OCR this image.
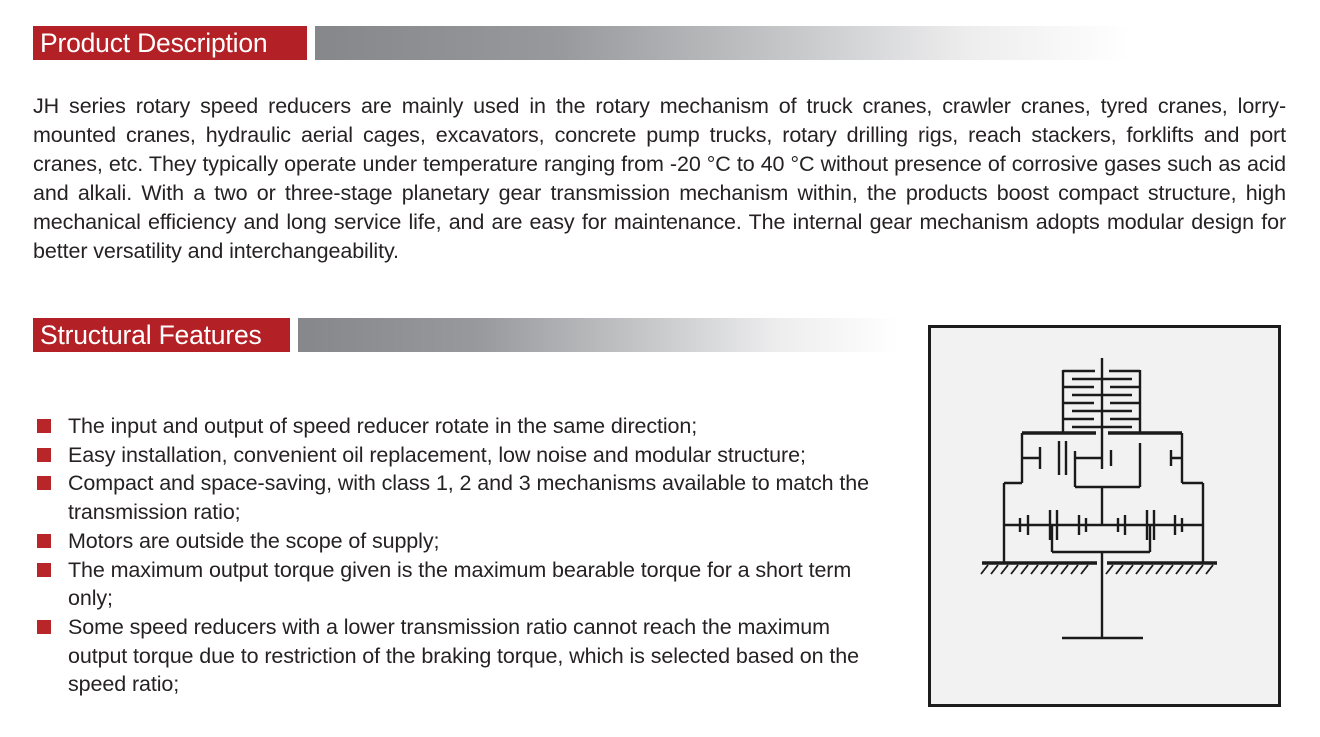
Product Description

JH series rotary speed reducers are mainly used in the rotary mechanism of truck cranes, crawler cranes, tyred cranes, lorry-mounted cranes, hydraulic aerial cages, excavators, concrete pump trucks, rotary drilling rigs, reach stackers, forklifts and port cranes, etc. They typically operate under temperature ranging from -20 °C to 40 °C without presence of corrosive gases such as acid and alkali. With a two or three-stage planetary gear transmission mechanism within, the products boost compact structure, high mechanical efficiency and long service life, and are easy for maintenance. The internal gear mechanism adopts modular design for better versatility and interchangeability.

Structural Features
The input and output of speed reducer rotate in the same direction;
Easy installation, convenient oil replacement, low noise and modular structure;
Compact and space-saving, with class 1, 2 and 3 mechanisms available to match the transmission ratio;
Motors are outside the scope of supply;
The maximum output torque given is the maximum bearable torque for a short term only;
Some speed reducers with a lower transmission ratio cannot reach the maximum output torque due to restriction of the braking torque, which is selected based on the speed ratio;
